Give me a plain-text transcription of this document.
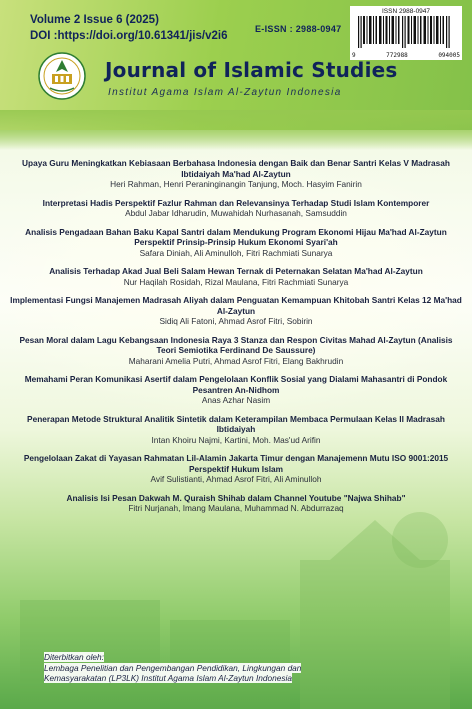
Volume 2 Issue 6 (2025)
DOI :https://doi.org/10.61341/jis/v2i6
E-ISSN : 2988-0947
ISSN 2988-0947
9	772988	094005
Journal of Islamic Studies
Institut Agama Islam Al-Zaytun Indonesia
Upaya Guru Meningkatkan Kebiasaan Berbahasa Indonesia dengan Baik dan Benar Santri Kelas V Madrasah Ibtidaiyah Ma'had Al-Zaytun
Heri Rahman, Henri Peraninginangin Tanjung, Moch. Hasyim Fanirin
Interpretasi Hadis Perspektif Fazlur Rahman dan Relevansinya Terhadap Studi Islam Kontemporer
Abdul Jabar Idharudin, Muwahidah Nurhasanah, Samsuddin
Analisis Pengadaan Bahan Baku Kapal Santri dalam Mendukung Program Ekonomi Hijau Ma'had Al-Zaytun Perspektif Prinsip-Prinsip Hukum Ekonomi Syari'ah
Safara Diniah, Ali Aminulloh, Fitri Rachmiati Sunarya
Analisis Terhadap Akad Jual Beli Salam Hewan Ternak di Peternakan Selatan Ma'had Al-Zaytun
Nur Haqilah Rosidah, Rizal Maulana, Fitri Rachmiati Sunarya
Implementasi Fungsi Manajemen Madrasah Aliyah dalam Penguatan Kemampuan Khitobah Santri Kelas 12 Ma'had Al-Zaytun
Sidiq Ali Fatoni, Ahmad Asrof Fitri, Sobirin
Pesan Moral dalam Lagu Kebangsaan Indonesia Raya 3 Stanza dan Respon Civitas Mahad Al-Zaytun (Analisis Teori Semiotika Ferdinand De Saussure)
Maharani Amelia Putri, Ahmad Asrof Fitri, Elang Bakhrudin
Memahami Peran Komunikasi Asertif dalam Pengelolaan Konflik Sosial yang Dialami Mahasantri di Pondok Pesantren An-Nidhom
Anas Azhar Nasim
Penerapan Metode Struktural Analitik Sintetik dalam Keterampilan Membaca Permulaan Kelas II Madrasah Ibtidaiyah
Intan Khoiru Najmi, Kartini, Moh. Mas'ud Arifin
Pengelolaan Zakat di Yayasan Rahmatan Lil-Alamin Jakarta Timur dengan Manajemenn Mutu ISO 9001:2015 Perspektif Hukum Islam
Avif Sulistianti, Ahmad Asrof Fitri, Ali Aminulloh
Analisis Isi Pesan Dakwah M. Quraish Shihab dalam Channel Youtube "Najwa Shihab"
Fitri Nurjanah, Imang Maulana, Muhammad N. Abdurrazaq
Diterbitkan oleh:
Lembaga Penelitian dan Pengembangan Pendidikan, Lingkungan dan
Kemasyarakatan (LP3LK) Institut Agama Islam Al-Zaytun Indonesia
